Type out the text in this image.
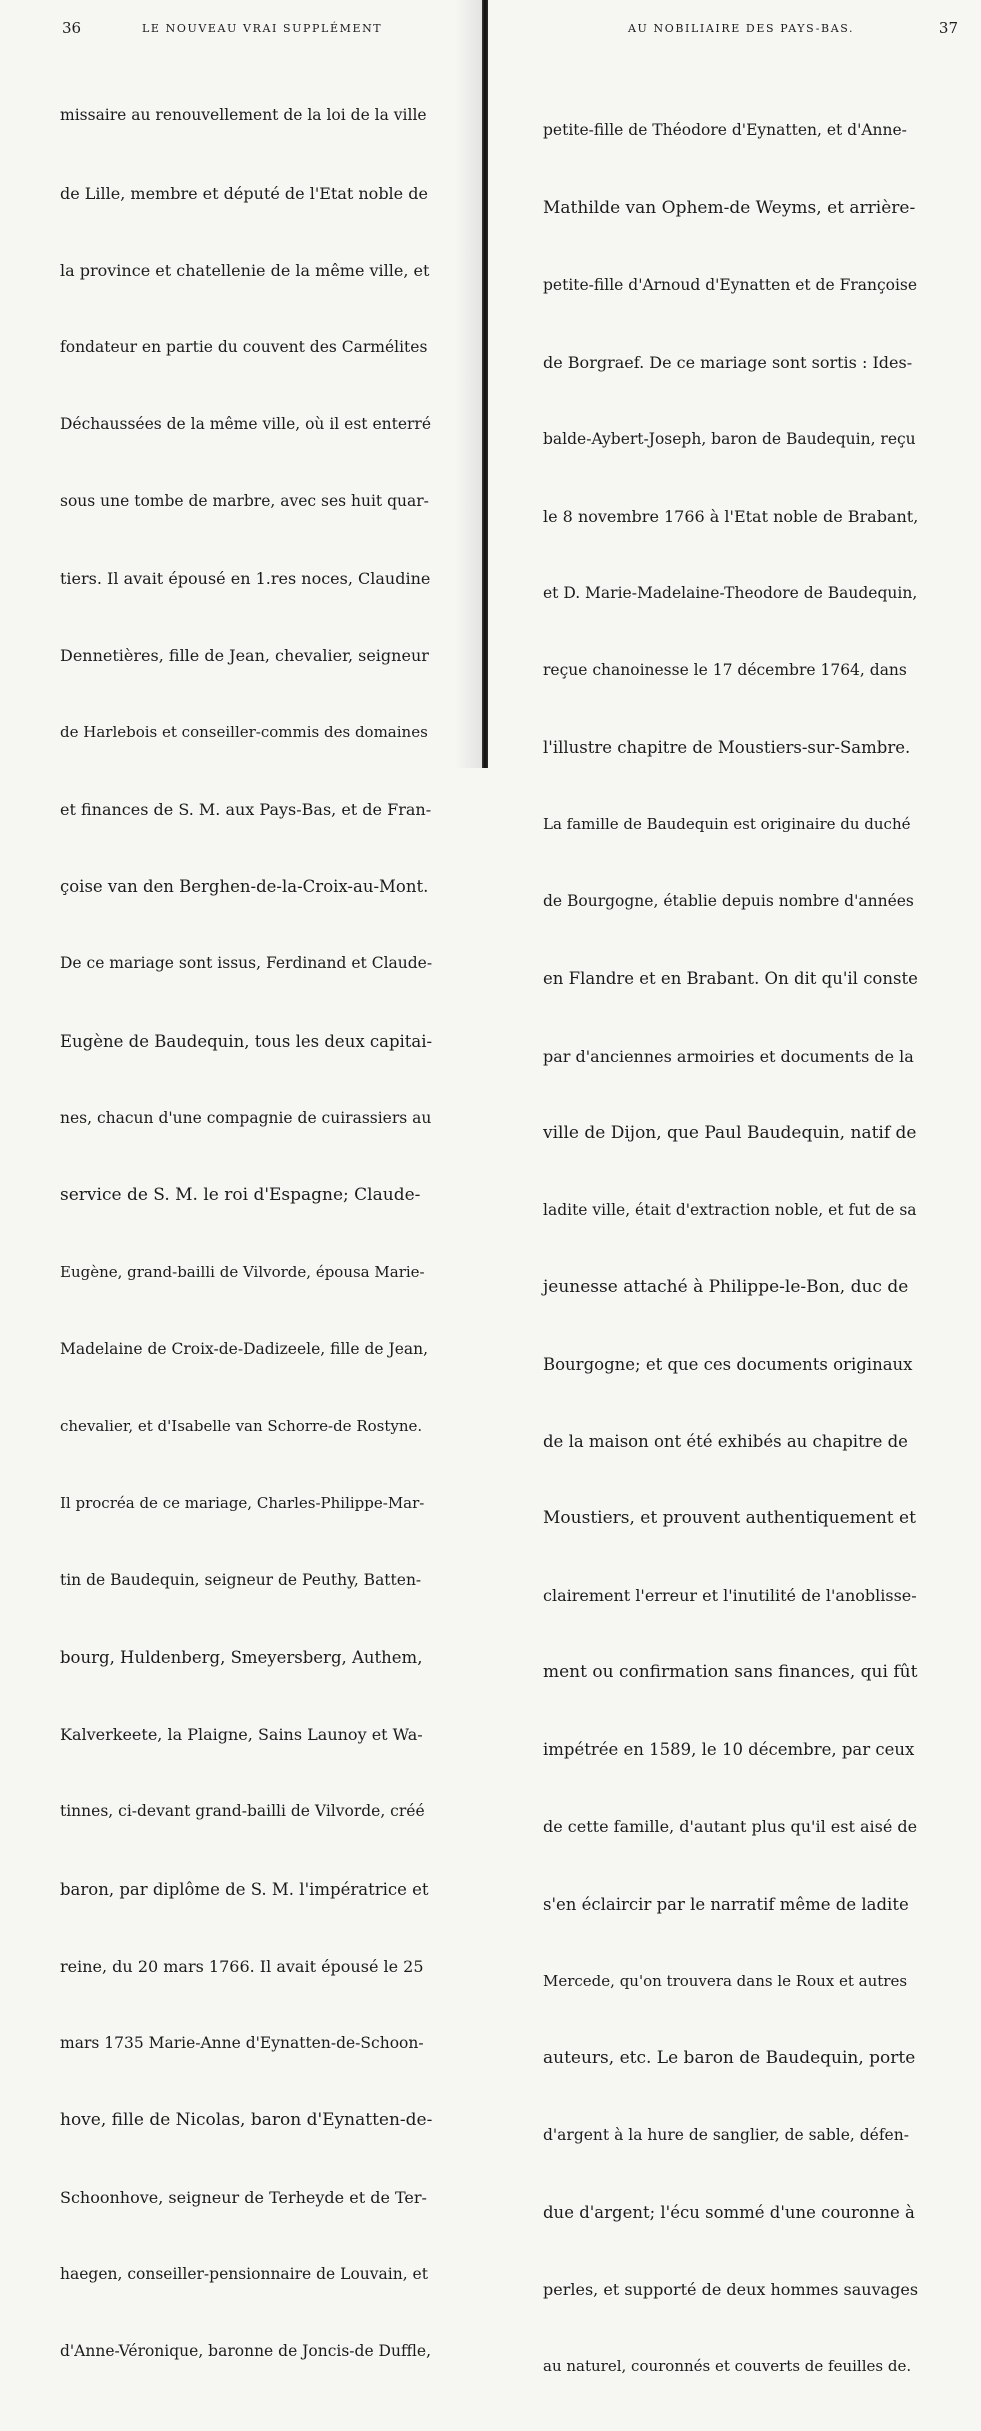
36	LE NOUVEAU VRAI SUPPLÉMENT

missaire au renouvellement de la loi de la ville

de Lille, membre et député de l'Etat noble de

la province et chatellenie de la même ville, et

fondateur en partie du couvent des Carmélites

Déchaussées de la même ville, où il est enterré

sous une tombe de marbre, avec ses huit quar-

tiers. Il avait épousé en 1.res noces, Claudine

Dennetières, fille de Jean, chevalier, seigneur

de Harlebois et conseiller-commis des domaines

et finances de S. M. aux Pays-Bas, et de Fran-

çoise van den Berghen-de-la-Croix-au-Mont.

De ce mariage sont issus, Ferdinand et Claude-

Eugène de Baudequin, tous les deux capitai-

nes, chacun d'une compagnie de cuirassiers au

service de S. M. le roi d'Espagne; Claude-

Eugène, grand-bailli de Vilvorde, épousa Marie-

Madelaine de Croix-de-Dadizeele, fille de Jean,

chevalier, et d'Isabelle van Schorre-de Rostyne.

Il procréa de ce mariage, Charles-Philippe-Mar-

tin de Baudequin, seigneur de Peuthy, Batten-

bourg, Huldenberg, Smeyersberg, Authem,

Kalverkeete, la Plaigne, Sains Launoy et Wa-

tinnes, ci-devant grand-bailli de Vilvorde, créé

baron, par diplôme de S. M. l'impératrice et

reine, du 20 mars 1766. Il avait épousé le 25

mars 1735 Marie-Anne d'Eynatten-de-Schoon-

hove, fille de Nicolas, baron d'Eynatten-de-

Schoonhove, seigneur de Terheyde et de Ter-

haegen, conseiller-pensionnaire de Louvain, et

d'Anne-Véronique, baronne de Joncis-de Duffle,

AU NOBILIAIRE DES PAYS-BAS.	37

petite-fille de Théodore d'Eynatten, et d'Anne-

Mathilde van Ophem-de Weyms, et arrière-

petite-fille d'Arnoud d'Eynatten et de Françoise

de Borgraef. De ce mariage sont sortis : Ides-

balde-Aybert-Joseph, baron de Baudequin, reçu

le 8 novembre 1766 à l'Etat noble de Brabant,

et D. Marie-Madelaine-Theodore de Baudequin,

reçue chanoinesse le 17 décembre 1764, dans

l'illustre chapitre de Moustiers-sur-Sambre.

La famille de Baudequin est originaire du duché

de Bourgogne, établie depuis nombre d'années

en Flandre et en Brabant. On dit qu'il conste

par d'anciennes armoiries et documents de la

ville de Dijon, que Paul Baudequin, natif de

ladite ville, était d'extraction noble, et fut de sa

jeunesse attaché à Philippe-le-Bon, duc de

Bourgogne; et que ces documents originaux

de la maison ont été exhibés au chapitre de

Moustiers, et prouvent authentiquement et

clairement l'erreur et l'inutilité de l'anoblisse-

ment ou confirmation sans finances, qui fût

impétrée en 1589, le 10 décembre, par ceux

de cette famille, d'autant plus qu'il est aisé de

s'en éclaircir par le narratif même de ladite

Mercede, qu'on trouvera dans le Roux et autres

auteurs, etc. Le baron de Baudequin, porte

d'argent à la hure de sanglier, de sable, défen-

due d'argent; l'écu sommé d'une couronne à

perles, et supporté de deux hommes sauvages

au naturel, couronnés et couverts de feuilles de.
